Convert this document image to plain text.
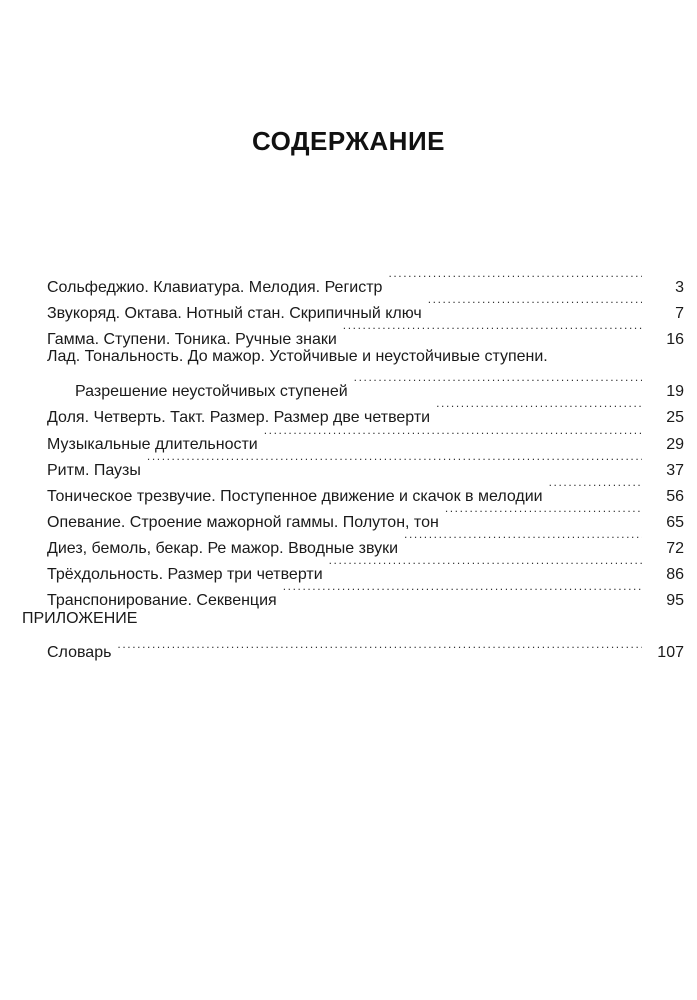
СОДЕРЖАНИЕ
Сольфеджио. Клавиатура. Мелодия. Регистр .....	3
Звукоряд. Октава. Нотный стан. Скрипичный ключ .....	7
Гамма. Ступени. Тоника. Ручные знаки .....	16
Лад. Тональность. До мажор. Устойчивые и неустойчивые ступени.
Разрешение неустойчивых ступеней .....	19
Доля. Четверть. Такт. Размер. Размер две четверти .....	25
Музыкальные длительности .....	29
Ритм. Паузы .....	37
Тоническое трезвучие. Поступенное движение и скачок в мелодии .....	56
Опевание. Строение мажорной гаммы. Полутон, тон .....	65
Диез, бемоль, бекар. Ре мажор. Вводные звуки .....	72
Трёхдольность. Размер три четверти .....	86
Транспонирование. Секвенция .....	95
ПРИЛОЖЕНИЕ
Словарь .....	107
